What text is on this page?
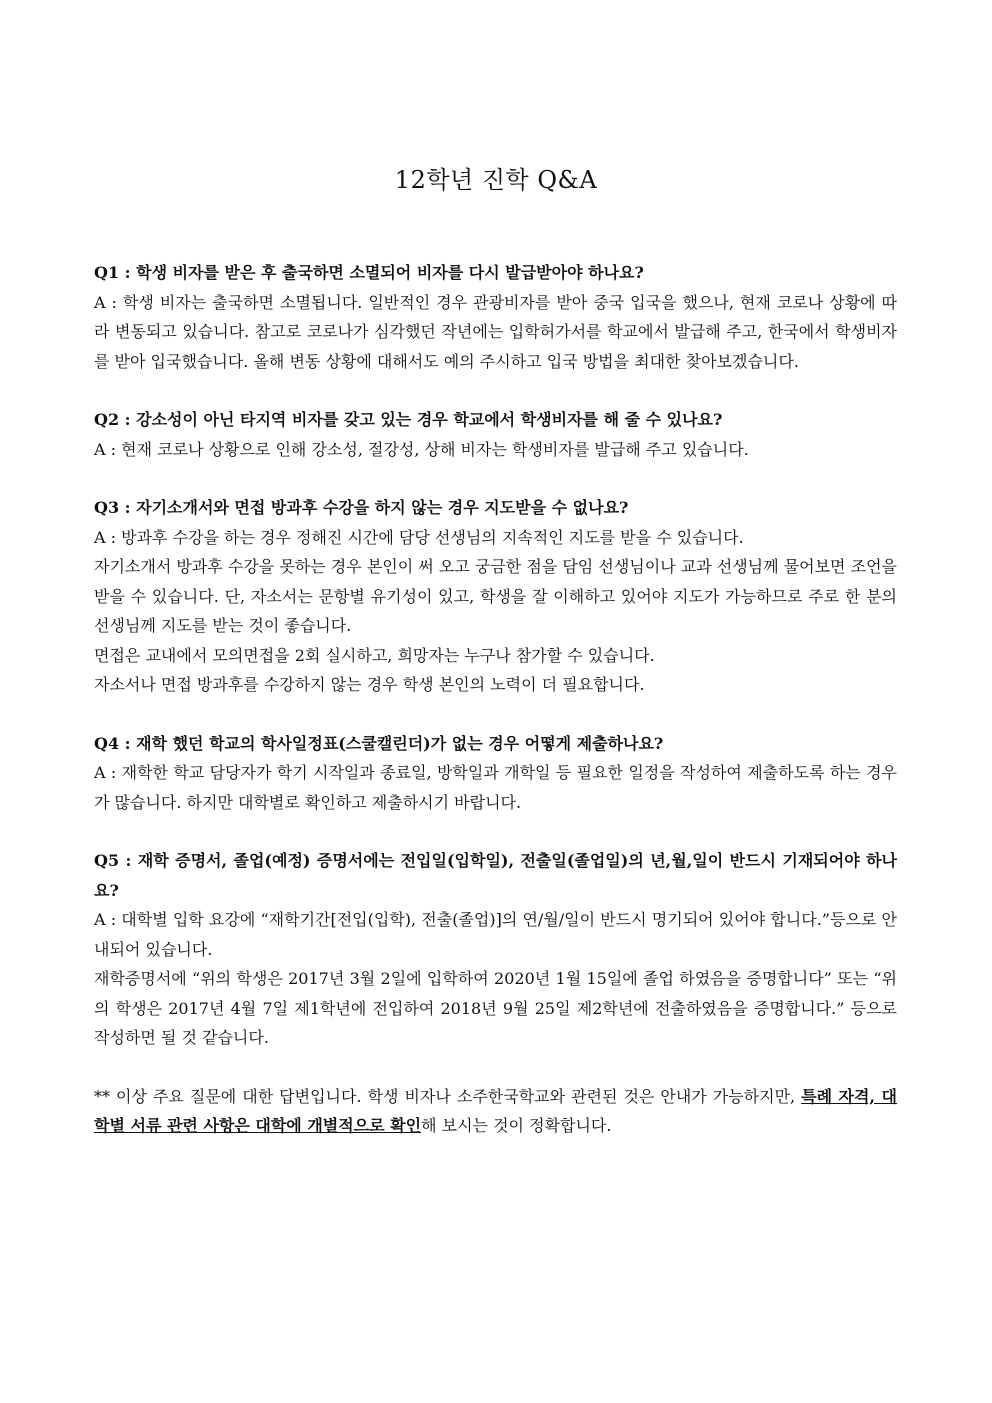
12학년 진학 Q&A

Q1 : 학생 비자를 받은 후 출국하면 소멸되어 비자를 다시 발급받아야 하나요?

A : 학생 비자는 출국하면 소멸됩니다. 일반적인 경우 관광비자를 받아 중국 입국을 했으나, 현재 코로나 상황에 따라 변동되고 있습니다. 참고로 코로나가 심각했던 작년에는 입학허가서를 학교에서 발급해 주고, 한국에서 학생비자를 받아 입국했습니다. 올해 변동 상황에 대해서도 예의 주시하고 입국 방법을 최대한 찾아보겠습니다.

Q2 : 강소성이 아닌 타지역 비자를 갖고 있는 경우 학교에서 학생비자를 해 줄 수 있나요?

A : 현재 코로나 상황으로 인해 강소성, 절강성, 상해 비자는 학생비자를 발급해 주고 있습니다.

Q3 : 자기소개서와 면접 방과후 수강을 하지 않는 경우 지도받을 수 없나요?

A : 방과후 수강을 하는 경우 정해진 시간에 담당 선생님의 지속적인 지도를 받을 수 있습니다.

자기소개서 방과후 수강을 못하는 경우 본인이 써 오고 궁금한 점을 담임 선생님이나 교과 선생님께 물어보면 조언을 받을 수 있습니다. 단, 자소서는 문항별 유기성이 있고, 학생을 잘 이해하고 있어야 지도가 가능하므로 주로 한 분의 선생님께 지도를 받는 것이 좋습니다.

면접은 교내에서 모의면접을 2회 실시하고, 희망자는 누구나 참가할 수 있습니다.

자소서나 면접 방과후를 수강하지 않는 경우 학생 본인의 노력이 더 필요합니다.

Q4 : 재학 했던 학교의 학사일정표(스쿨캘린더)가 없는 경우 어떻게 제출하나요?

A : 재학한 학교 담당자가 학기 시작일과 종료일, 방학일과 개학일 등 필요한 일정을 작성하여 제출하도록 하는 경우가 많습니다. 하지만 대학별로 확인하고 제출하시기 바랍니다.

Q5 : 재학 증명서, 졸업(예정) 증명서에는 전입일(입학일), 전출일(졸업일)의 년,월,일이 반드시 기재되어야 하나요?

A : 대학별 입학 요강에 “재학기간[전입(입학), 전출(졸업)]의 연/월/일이 반드시 명기되어 있어야 합니다.”등으로 안내되어 있습니다.

재학증명서에 “위의 학생은 2017년 3월 2일에 입학하여 2020년 1월 15일에 졸업 하였음을 증명합니다” 또는 “위의 학생은 2017년 4월 7일 제1학년에 전입하여 2018년 9월 25일 제2학년에 전출하였음을 증명합니다.” 등으로 작성하면 될 것 같습니다.

** 이상 주요 질문에 대한 답변입니다. 학생 비자나 소주한국학교와 관련된 것은 안내가 가능하지만, 특례 자격, 대학별 서류 관련 사항은 대학에 개별적으로 확인해 보시는 것이 정확합니다.
